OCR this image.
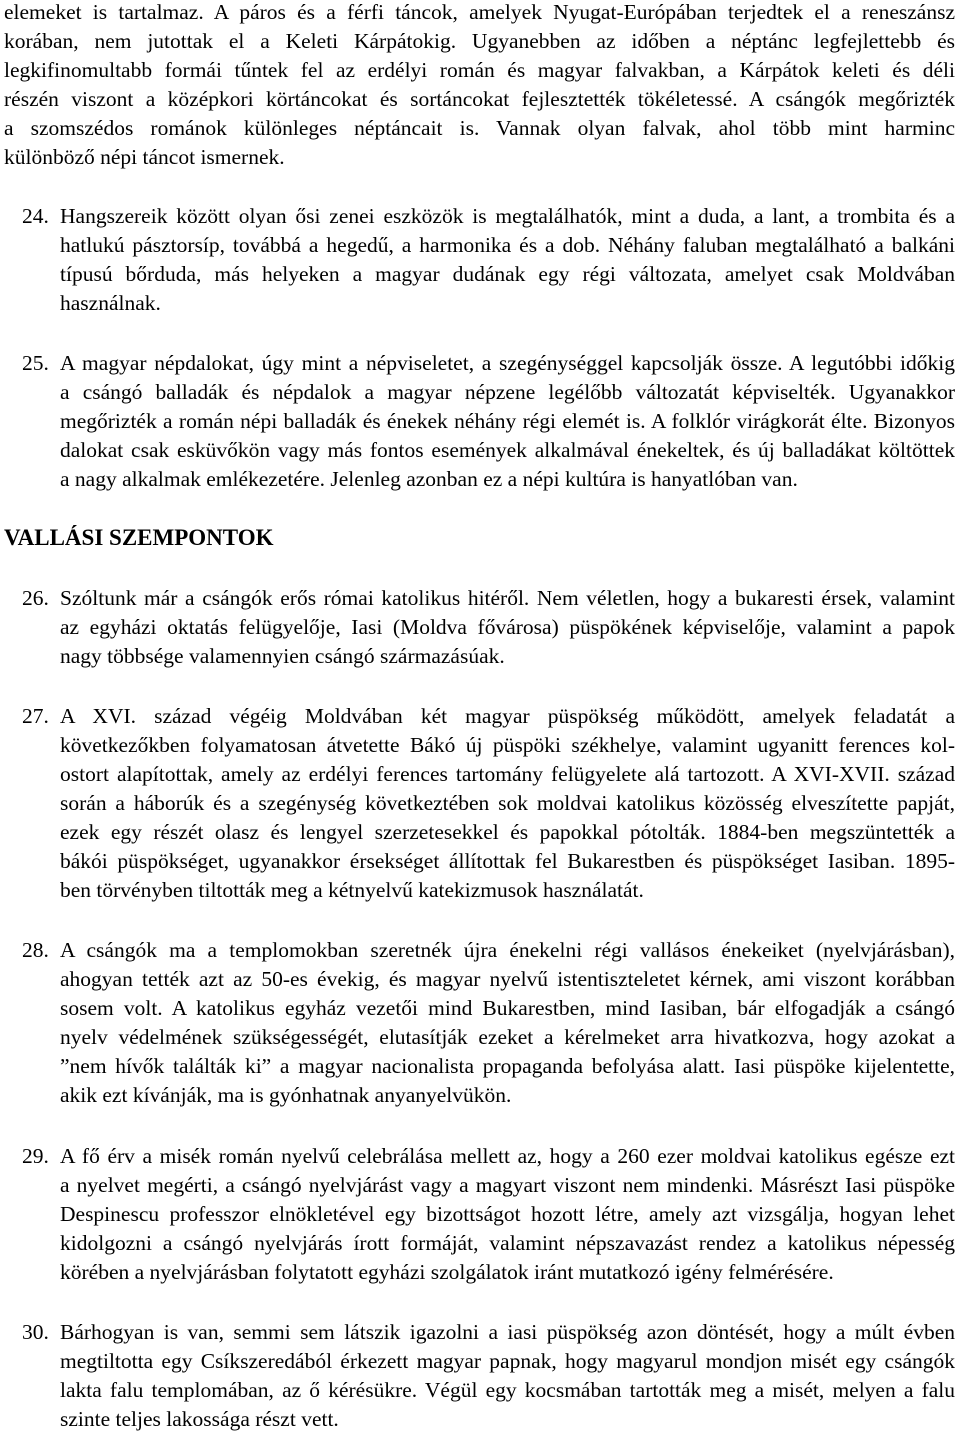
elemeket is tartalmaz. A páros és a férfi táncok, amelyek Nyugat-Európában terjedtek el a reneszánsz
korában, nem jutottak el a Keleti Kárpátokig. Ugyanebben az időben a néptánc legfejlettebb és
legkifinomultabb formái tűntek fel az erdélyi román és magyar falvakban, a Kárpátok keleti és déli
részén viszont a középkori körtáncokat és sortáncokat fejlesztették tökéletessé. A csángók megőrizték
a szomszédos románok különleges néptáncait is. Vannak olyan falvak, ahol több mint harminc
különböző népi táncot ismernek.
24. Hangszereik között olyan ősi zenei eszközök is megtalálhatók, mint a duda, a lant, a trombita és a
hatlukú pásztorsíp, továbbá a hegedű, a harmonika és a dob. Néhány faluban megtalálható a balkáni
típusú bőrduda, más helyeken a magyar dudának egy régi változata, amelyet csak Moldvában
használnak.
25. A magyar népdalokat, úgy mint a népviseletet, a szegénységgel kapcsolják össze. A legutóbbi időkig
a csángó balladák és népdalok a magyar népzene legélőbb változatát képviselték. Ugyanakkor
megőrizték a román népi balladák és énekek néhány régi elemét is. A folklór virágkorát élte. Bizonyos
dalokat csak esküvőkön vagy más fontos események alkalmával énekeltek, és új balladákat költöttek
a nagy alkalmak emlékezetére. Jelenleg azonban ez a népi kultúra is hanyatlóban van.
VALLÁSI SZEMPONTOK
26. Szóltunk már a csángók erős római katolikus hitéről. Nem véletlen, hogy a bukaresti érsek, valamint
az egyházi oktatás felügyelője, Iasi (Moldva fővárosa) püspökének képviselője, valamint a papok
nagy többsége valamennyien csángó származásúak.
27. A XVI. század végéig Moldvában két magyar püspökség működött, amelyek feladatát a
következőkben folyamatosan átvetette Bákó új püspöki székhelye, valamint ugyanitt ferences kol-
ostort alapítottak, amely az erdélyi ferences tartomány felügyelete alá tartozott. A XVI-XVII. század
során a háborúk és a szegénység következtében sok moldvai katolikus közösség elveszítette papját,
ezek egy részét olasz és lengyel szerzetesekkel és papokkal pótolták. 1884-ben megszüntették a
bákói püspökséget, ugyanakkor érsekséget állítottak fel Bukarestben és püspökséget Iasiban. 1895-
ben törvényben tiltották meg a kétnyelvű katekizmusok használatát.
28. A csángók ma a templomokban szeretnék újra énekelni régi vallásos énekeiket (nyelvjárásban),
ahogyan tették azt az 50-es évekig, és magyar nyelvű istentiszteletet kérnek, ami viszont korábban
sosem volt. A katolikus egyház vezetői mind Bukarestben, mind Iasiban, bár elfogadják a csángó
nyelv védelmének szükségességét, elutasítják ezeket a kérelmeket arra hivatkozva, hogy azokat a
”nem hívők találták ki” a magyar nacionalista propaganda befolyása alatt. Iasi püspöke kijelentette,
akik ezt kívánják, ma is gyónhatnak anyanyelvükön.
29. A fő érv a misék román nyelvű celebrálása mellett az, hogy a 260 ezer moldvai katolikus egésze ezt
a nyelvet megérti, a csángó nyelvjárást vagy a magyart viszont nem mindenki. Másrészt Iasi püspöke
Despinescu professzor elnökletével egy bizottságot hozott létre, amely azt vizsgálja, hogyan lehet
kidolgozni a csángó nyelvjárás írott formáját, valamint népszavazást rendez a katolikus népesség
körében a nyelvjárásban folytatott egyházi szolgálatok iránt mutatkozó igény felmérésére.
30. Bárhogyan is van, semmi sem látszik igazolni a iasi püspökség azon döntését, hogy a múlt évben
megtiltotta egy Csíkszeredából érkezett magyar papnak, hogy magyarul mondjon misét egy csángók
lakta falu templomában, az ő kérésükre. Végül egy kocsmában tartották meg a misét, melyen a falu
szinte teljes lakossága részt vett.
